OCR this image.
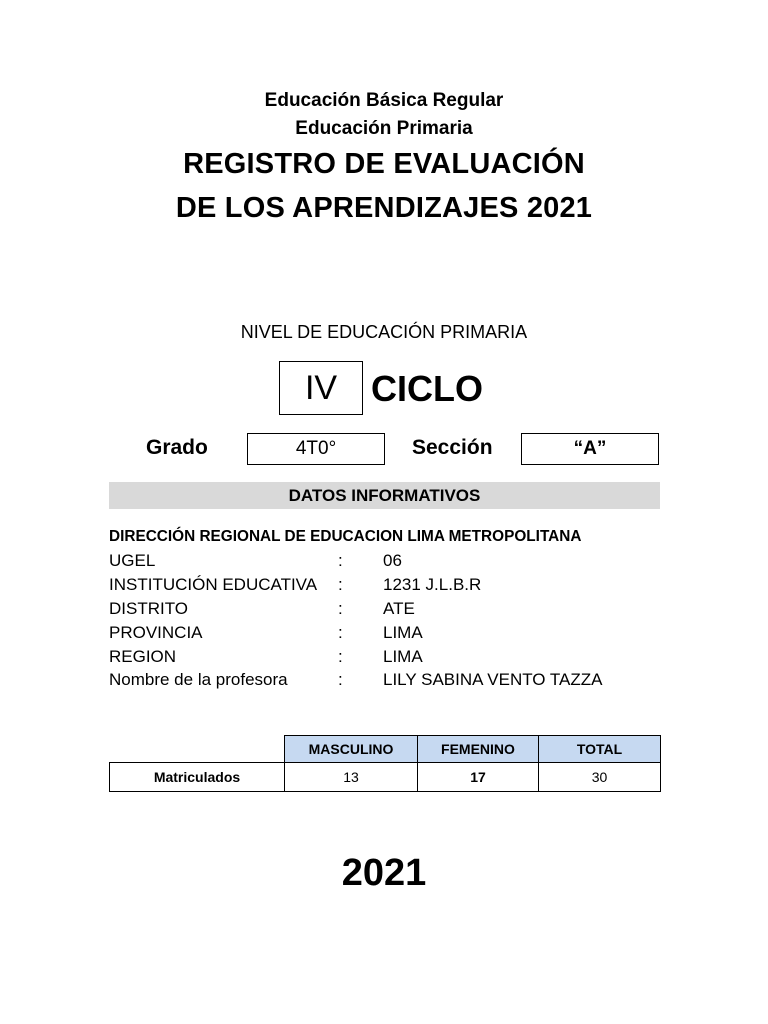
Educación Básica Regular
Educación Primaria
REGISTRO DE EVALUACIÓN
DE LOS APRENDIZAJES 2021
NIVEL DE EDUCACIÓN PRIMARIA
IV CICLO
Grado	4T0°	Sección	“A”
DATOS INFORMATIVOS
DIRECCIÓN REGIONAL DE EDUCACION LIMA METROPOLITANA
UGEL	: 06
INSTITUCIÓN EDUCATIVA : 1231 J.L.B.R
DISTRITO	: ATE
PROVINCIA	: LIMA
REGION	: LIMA
Nombre de la profesora	: LILY SABINA VENTO TAZZA
	MASCULINO	FEMENINO	TOTAL
Matriculados	13	17	30
2021
